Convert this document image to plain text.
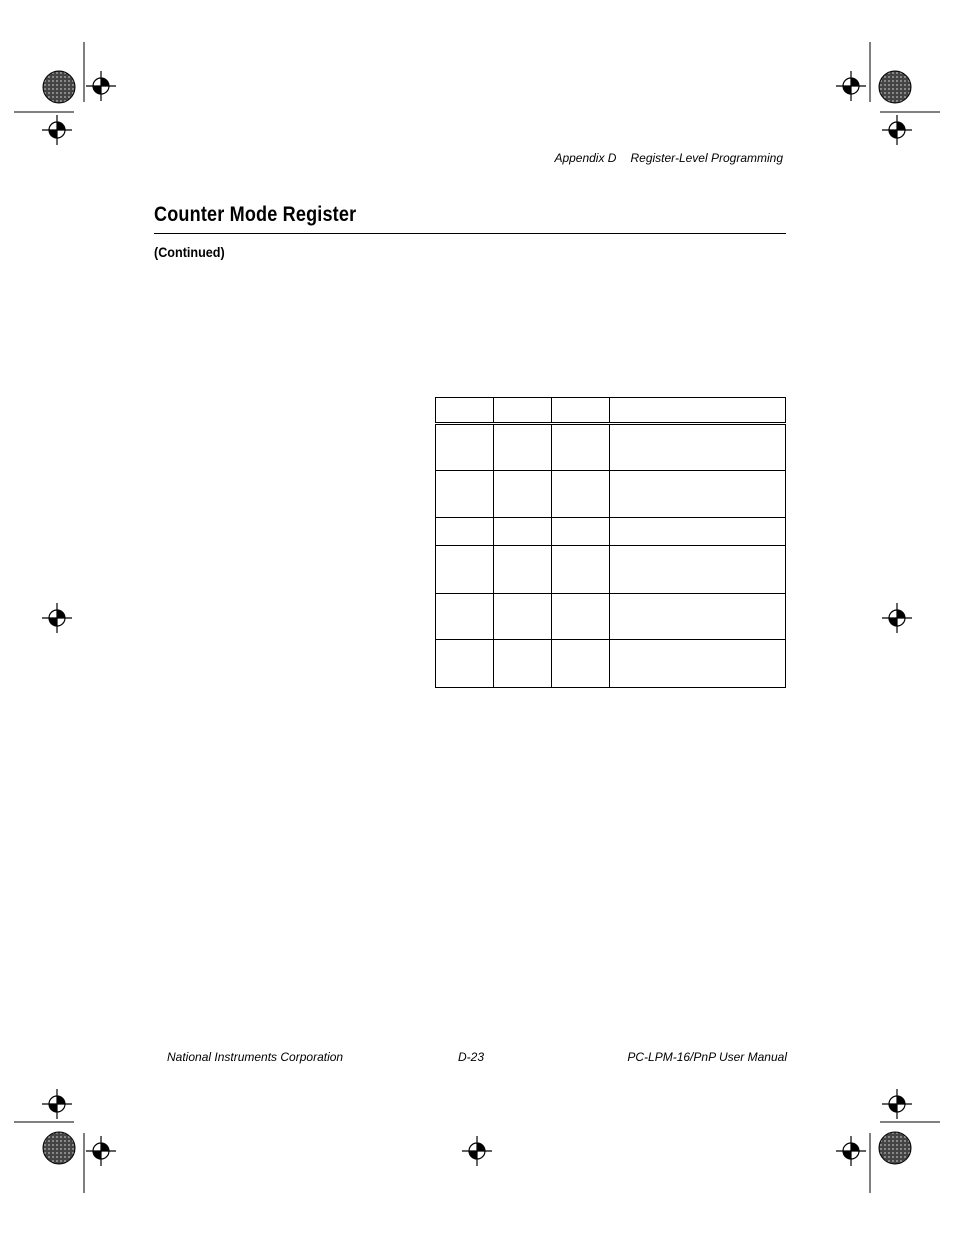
Appendix D Register-Level Programming
Counter Mode Register
(Continued)

National Instruments Corporation	D-23	PC-LPM-16/PnP User Manual
